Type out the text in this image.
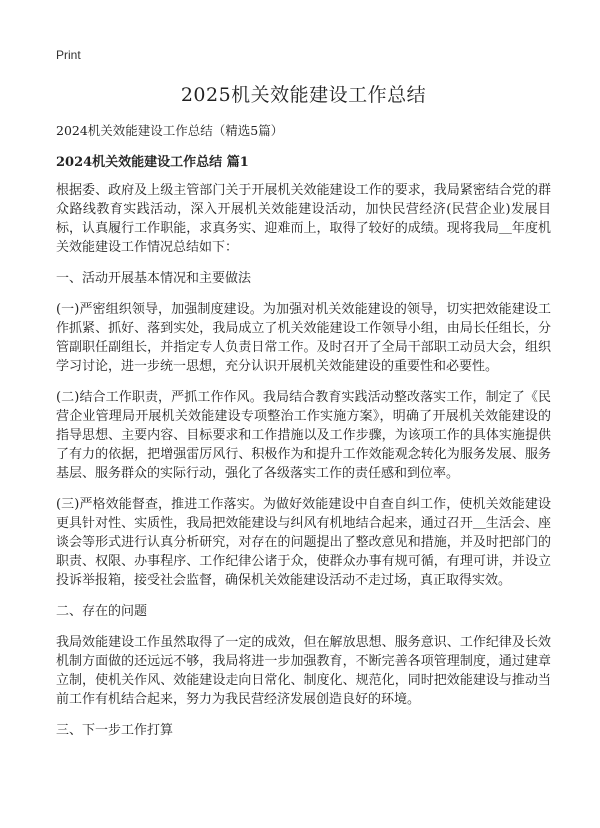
Print
2025机关效能建设工作总结
2024机关效能建设工作总结（精选5篇）
2024机关效能建设工作总结 篇1

根据委、政府及上级主管部门关于开展机关效能建设工作的要求，我局紧密结合党的群众路线教育实践活动，深入开展机关效能建设活动，加快民营经济(民营企业)发展目标，认真履行工作职能，求真务实、迎难而上，取得了较好的成绩。现将我局＿年度机关效能建设工作情况总结如下：

一、活动开展基本情况和主要做法

(一)严密组织领导，加强制度建设。为加强对机关效能建设的领导，切实把效能建设工作抓紧、抓好、落到实处，我局成立了机关效能建设工作领导小组，由局长任组长，分管副职任副组长，并指定专人负责日常工作。及时召开了全局干部职工动员大会，组织学习讨论，进一步统一思想，充分认识开展机关效能建设的重要性和必要性。

(二)结合工作职责，严抓工作作风。我局结合教育实践活动整改落实工作，制定了《民营企业管理局开展机关效能建设专项整治工作实施方案》，明确了开展机关效能建设的指导思想、主要内容、目标要求和工作措施以及工作步骤，为该项工作的具体实施提供了有力的依据，把增强雷厉风行、积极作为和提升工作效能观念转化为服务发展、服务基层、服务群众的实际行动，强化了各级落实工作的责任感和到位率。

(三)严格效能督查，推进工作落实。为做好效能建设中自查自纠工作，使机关效能建设更具针对性、实质性，我局把效能建设与纠风有机地结合起来，通过召开＿生活会、座谈会等形式进行认真分析研究，对存在的问题提出了整改意见和措施，并及时把部门的职责、权限、办事程序、工作纪律公诸于众，使群众办事有规可循，有理可讲，并设立投诉举报箱，接受社会监督，确保机关效能建设活动不走过场，真正取得实效。

二、存在的问题

我局效能建设工作虽然取得了一定的成效，但在解放思想、服务意识、工作纪律及长效机制方面做的还远远不够，我局将进一步加强教育，不断完善各项管理制度，通过建章立制，使机关作风、效能建设走向日常化、制度化、规范化，同时把效能建设与推动当前工作有机结合起来，努力为我民营经济发展创造良好的环境。

三、下一步工作打算
